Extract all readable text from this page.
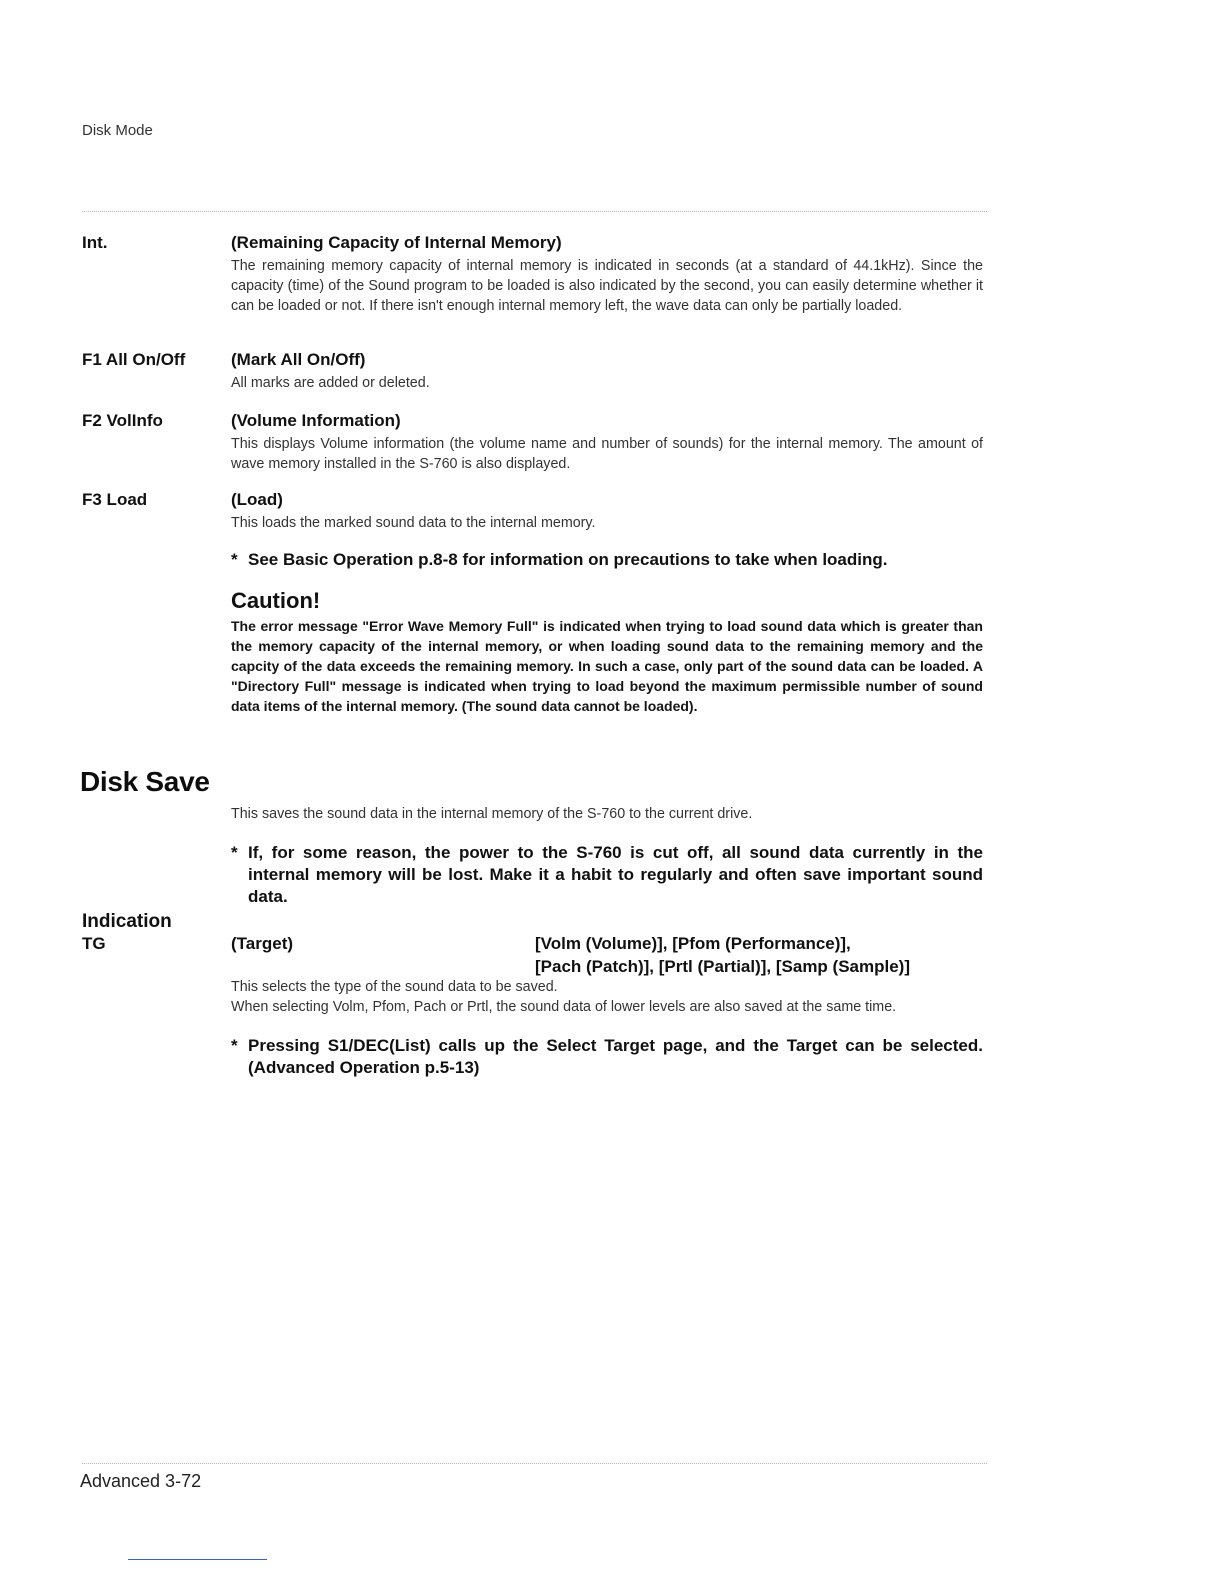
Disk Mode
Int.	(Remaining Capacity of Internal Memory)

The remaining memory capacity of internal memory is indicated in seconds (at a standard of 44.1kHz). Since the capacity (time) of the Sound program to be loaded is also indicated by the second, you can easily determine whether it can be loaded or not. If there isn't enough internal memory left, the wave data can only be partially loaded.

F1 All On/Off	(Mark All On/Off)

All marks are added or deleted.

F2 VolInfo	(Volume Information)

This displays Volume information (the volume name and number of sounds) for the internal memory. The amount of wave memory installed in the S-760 is also displayed.

F3 Load	(Load)

This loads the marked sound data to the internal memory.

* See Basic Operation p.8-8 for information on precautions to take when loading.
Caution!
The error message "Error Wave Memory Full" is indicated when trying to load sound data which is greater than the memory capacity of the internal memory, or when loading sound data to the remaining memory and the capcity of the data exceeds the remaining memory. In such a case, only part of the sound data can be loaded. A "Directory Full" message is indicated when trying to load beyond the maximum permissible number of sound data items of the internal memory. (The sound data cannot be loaded).
Disk Save
This saves the sound data in the internal memory of the S-760 to the current drive.
* If, for some reason, the power to the S-760 is cut off, all sound data currently in the internal memory will be lost. Make it a habit to regularly and often save important sound data.
Indication
TG	(Target)	[Volm (Volume)], [Pfom (Performance)],
[Pach (Patch)], [Prtl (Partial)], [Samp (Sample)]
This selects the type of the sound data to be saved.
When selecting Volm, Pfom, Pach or Prtl, the sound data of lower levels are also saved at the same time.
* Pressing S1/DEC(List) calls up the Select Target page, and the Target can be selected. (Advanced Operation p.5-13)
Advanced 3-72
